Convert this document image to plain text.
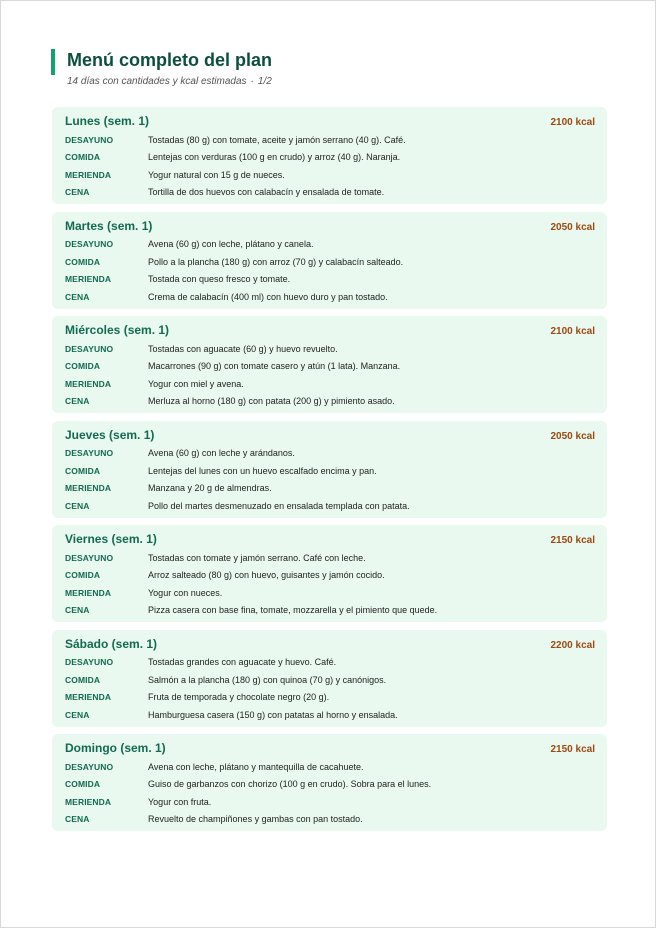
Menú completo del plan
14 días con cantidades y kcal estimadas · 1/2
Lunes (sem. 1)	2100 kcal
DESAYUNO	Tostadas (80 g) con tomate, aceite y jamón serrano (40 g). Café.
COMIDA	Lentejas con verduras (100 g en crudo) y arroz (40 g). Naranja.
MERIENDA	Yogur natural con 15 g de nueces.
CENA	Tortilla de dos huevos con calabacín y ensalada de tomate.
Martes (sem. 1)	2050 kcal
DESAYUNO	Avena (60 g) con leche, plátano y canela.
COMIDA	Pollo a la plancha (180 g) con arroz (70 g) y calabacín salteado.
MERIENDA	Tostada con queso fresco y tomate.
CENA	Crema de calabacín (400 ml) con huevo duro y pan tostado.
Miércoles (sem. 1)	2100 kcal
DESAYUNO	Tostadas con aguacate (60 g) y huevo revuelto.
COMIDA	Macarrones (90 g) con tomate casero y atún (1 lata). Manzana.
MERIENDA	Yogur con miel y avena.
CENA	Merluza al horno (180 g) con patata (200 g) y pimiento asado.
Jueves (sem. 1)	2050 kcal
DESAYUNO	Avena (60 g) con leche y arándanos.
COMIDA	Lentejas del lunes con un huevo escalfado encima y pan.
MERIENDA	Manzana y 20 g de almendras.
CENA	Pollo del martes desmenuzado en ensalada templada con patata.
Viernes (sem. 1)	2150 kcal
DESAYUNO	Tostadas con tomate y jamón serrano. Café con leche.
COMIDA	Arroz salteado (80 g) con huevo, guisantes y jamón cocido.
MERIENDA	Yogur con nueces.
CENA	Pizza casera con base fina, tomate, mozzarella y el pimiento que quede.
Sábado (sem. 1)	2200 kcal
DESAYUNO	Tostadas grandes con aguacate y huevo. Café.
COMIDA	Salmón a la plancha (180 g) con quinoa (70 g) y canónigos.
MERIENDA	Fruta de temporada y chocolate negro (20 g).
CENA	Hamburguesa casera (150 g) con patatas al horno y ensalada.
Domingo (sem. 1)	2150 kcal
DESAYUNO	Avena con leche, plátano y mantequilla de cacahuete.
COMIDA	Guiso de garbanzos con chorizo (100 g en crudo). Sobra para el lunes.
MERIENDA	Yogur con fruta.
CENA	Revuelto de champiñones y gambas con pan tostado.
